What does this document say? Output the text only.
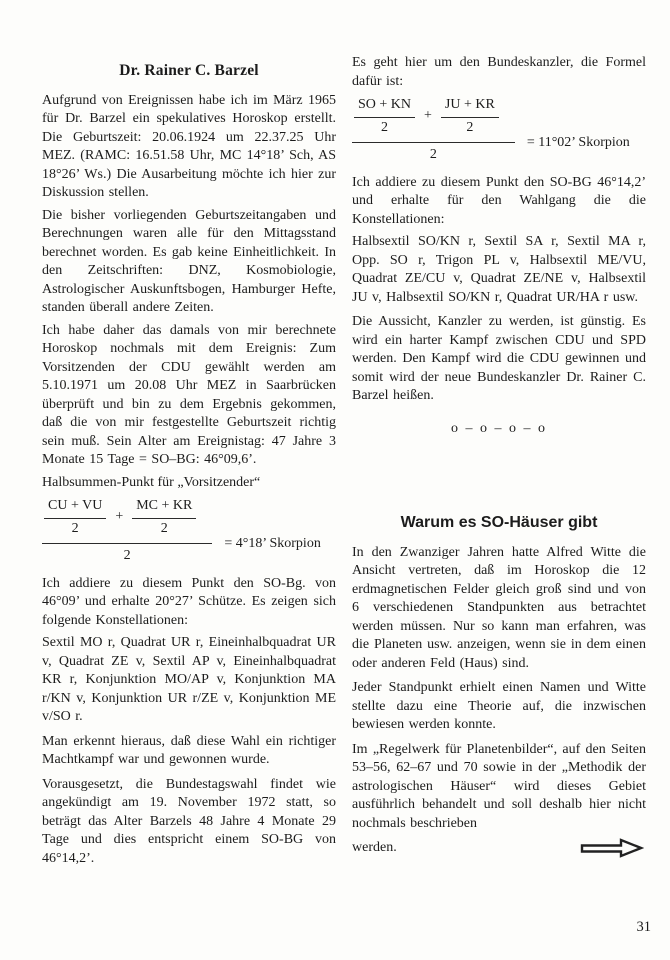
Dr. Rainer C. Barzel

Aufgrund von Ereignissen habe ich im März 1965 für Dr. Barzel ein spekulatives Horoskop erstellt. Die Geburtszeit: 20.06.1924 um 22.37.25 Uhr MEZ. (RAMC: 16.51.58 Uhr, MC 14°18’ Sch, AS 18°26’ Ws.) Die Ausarbeitung möchte ich hier zur Diskussion stellen.

Die bisher vorliegenden Geburtszeitangaben und Berechnungen waren alle für den Mittagsstand berechnet worden. Es gab keine Einheitlichkeit. In den Zeitschriften: DNZ, Kosmobiologie, Astrologischer Auskunftsbogen, Hamburger Hefte, standen überall andere Zeiten.

Ich habe daher das damals von mir berechnete Horoskop nochmals mit dem Ereignis: Zum Vorsitzenden der CDU gewählt werden am 5.10.1971 um 20.08 Uhr MEZ in Saarbrücken überprüft und bin zu dem Ergebnis gekommen, daß die von mir festgestellte Geburtszeit richtig sein muß. Sein Alter am Ereignistag: 47 Jahre 3 Monate 15 Tage = SO–BG: 46°09,6’.

Halbsummen-Punkt für „Vorsitzender“
$\frac{CU + VU}{2} + \frac{MC + KR}{2}$
2
= 4°18’ Skorpion

Ich addiere zu diesem Punkt den SO-Bg. von 46°09’ und erhalte 20°27’ Schütze. Es zeigen sich folgende Konstellationen:

Sextil MO r, Quadrat UR r, Eineinhalbquadrat UR v, Quadrat ZE v, Sextil AP v, Eineinhalbquadrat KR r, Konjunktion MO/AP v, Konjunktion MA r/KN v, Konjunktion UR r/ZE v, Konjunktion ME v/SO r.

Man erkennt hieraus, daß diese Wahl ein richtiger Machtkampf war und gewonnen wurde.

Vorausgesetzt, die Bundestagswahl findet wie angekündigt am 19. November 1972 statt, so beträgt das Alter Barzels 48 Jahre 4 Monate 29 Tage und dies entspricht einem SO-BG von 46°14,2’.

Es geht hier um den Bundeskanzler, die Formel dafür ist:

$\frac{SO + KN}{2} + \frac{JU + KR}{2}$
2
= 11°02’ Skorpion

Ich addiere zu diesem Punkt den SO-BG 46°14,2’ und erhalte für den Wahlgang die die Konstellationen:

Halbsextil SO/KN r, Sextil SA r, Sextil MA r, Opp. SO r, Trigon PL v, Halbsextil ME/VU, Quadrat ZE/CU v, Quadrat ZE/NE v, Halbsextil JU v, Halbsextil SO/KN r, Quadrat UR/HA r usw.

Die Aussicht, Kanzler zu werden, ist günstig. Es wird ein harter Kampf zwischen CDU und SPD werden. Den Kampf wird die CDU gewinnen und somit wird der neue Bundeskanzler Dr. Rainer C. Barzel heißen.

o – o – o – o
Warum es SO-Häuser gibt

In den Zwanziger Jahren hatte Alfred Witte die Ansicht vertreten, daß im Horoskop die 12 erdmagnetischen Felder gleich groß sind und von 6 verschiedenen Standpunkten aus betrachtet werden müssen. Nur so kann man erfahren, was die Planeten usw. anzeigen, wenn sie in dem einen oder anderen Feld (Haus) sind.

Jeder Standpunkt erhielt einen Namen und Witte stellte dazu eine Theorie auf, die inzwischen bewiesen werden konnte.

Im „Regelwerk für Planetenbilder“, auf den Seiten 53–56, 62–67 und 70 sowie in der „Methodik der astrologischen Häuser“ wird dieses Gebiet ausführlich behandelt und soll deshalb hier nicht nochmals beschrieben

werden.
31
